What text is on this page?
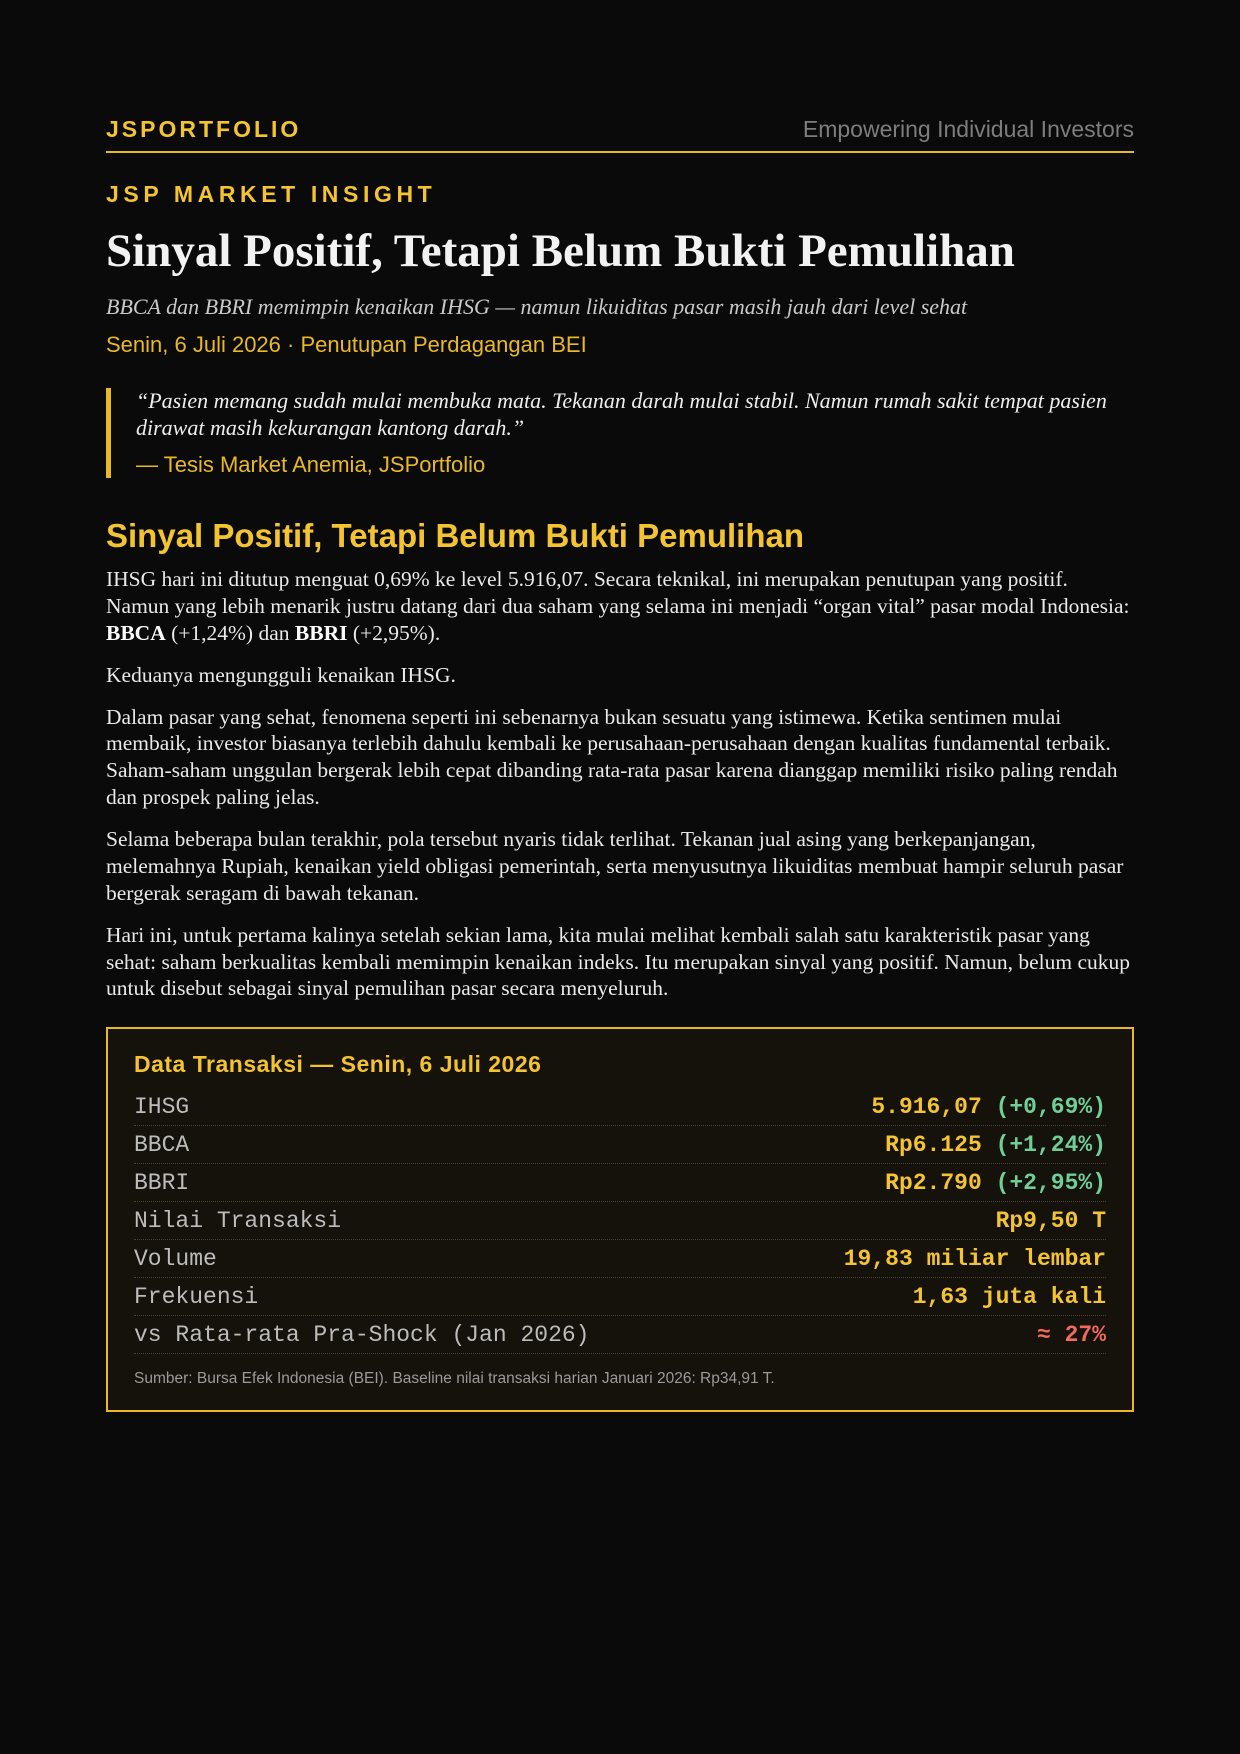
JSPORTFOLIO	Empowering Individual Investors
JSP MARKET INSIGHT
Sinyal Positif, Tetapi Belum Bukti Pemulihan
BBCA dan BBRI memimpin kenaikan IHSG — namun likuiditas pasar masih jauh dari level sehat
Senin, 6 Juli 2026 · Penutupan Perdagangan BEI

“Pasien memang sudah mulai membuka mata. Tekanan darah mulai stabil. Namun rumah sakit tempat pasien dirawat masih kekurangan kantong darah.”

— Tesis Market Anemia, JSPortfolio
Sinyal Positif, Tetapi Belum Bukti Pemulihan

IHSG hari ini ditutup menguat 0,69% ke level 5.916,07. Secara teknikal, ini merupakan penutupan yang positif. Namun yang lebih menarik justru datang dari dua saham yang selama ini menjadi “organ vital” pasar modal Indonesia: BBCA (+1,24%) dan BBRI (+2,95%).

Keduanya mengungguli kenaikan IHSG.

Dalam pasar yang sehat, fenomena seperti ini sebenarnya bukan sesuatu yang istimewa. Ketika sentimen mulai membaik, investor biasanya terlebih dahulu kembali ke perusahaan-perusahaan dengan kualitas fundamental terbaik. Saham-saham unggulan bergerak lebih cepat dibanding rata-rata pasar karena dianggap memiliki risiko paling rendah dan prospek paling jelas.

Selama beberapa bulan terakhir, pola tersebut nyaris tidak terlihat. Tekanan jual asing yang berkepanjangan, melemahnya Rupiah, kenaikan yield obligasi pemerintah, serta menyusutnya likuiditas membuat hampir seluruh pasar bergerak seragam di bawah tekanan.

Hari ini, untuk pertama kalinya setelah sekian lama, kita mulai melihat kembali salah satu karakteristik pasar yang sehat: saham berkualitas kembali memimpin kenaikan indeks. Itu merupakan sinyal yang positif. Namun, belum cukup untuk disebut sebagai sinyal pemulihan pasar secara menyeluruh.

Data Transaksi — Senin, 6 Juli 2026
IHSG	5.916,07 (+0,69%)
BBCA	Rp6.125 (+1,24%)
BBRI	Rp2.790 (+2,95%)
Nilai Transaksi	Rp9,50 T
Volume	19,83 miliar lembar
Frekuensi	1,63 juta kali
vs Rata-rata Pra-Shock (Jan 2026)	≈ 27%
Sumber: Bursa Efek Indonesia (BEI). Baseline nilai transaksi harian Januari 2026: Rp34,91 T.
